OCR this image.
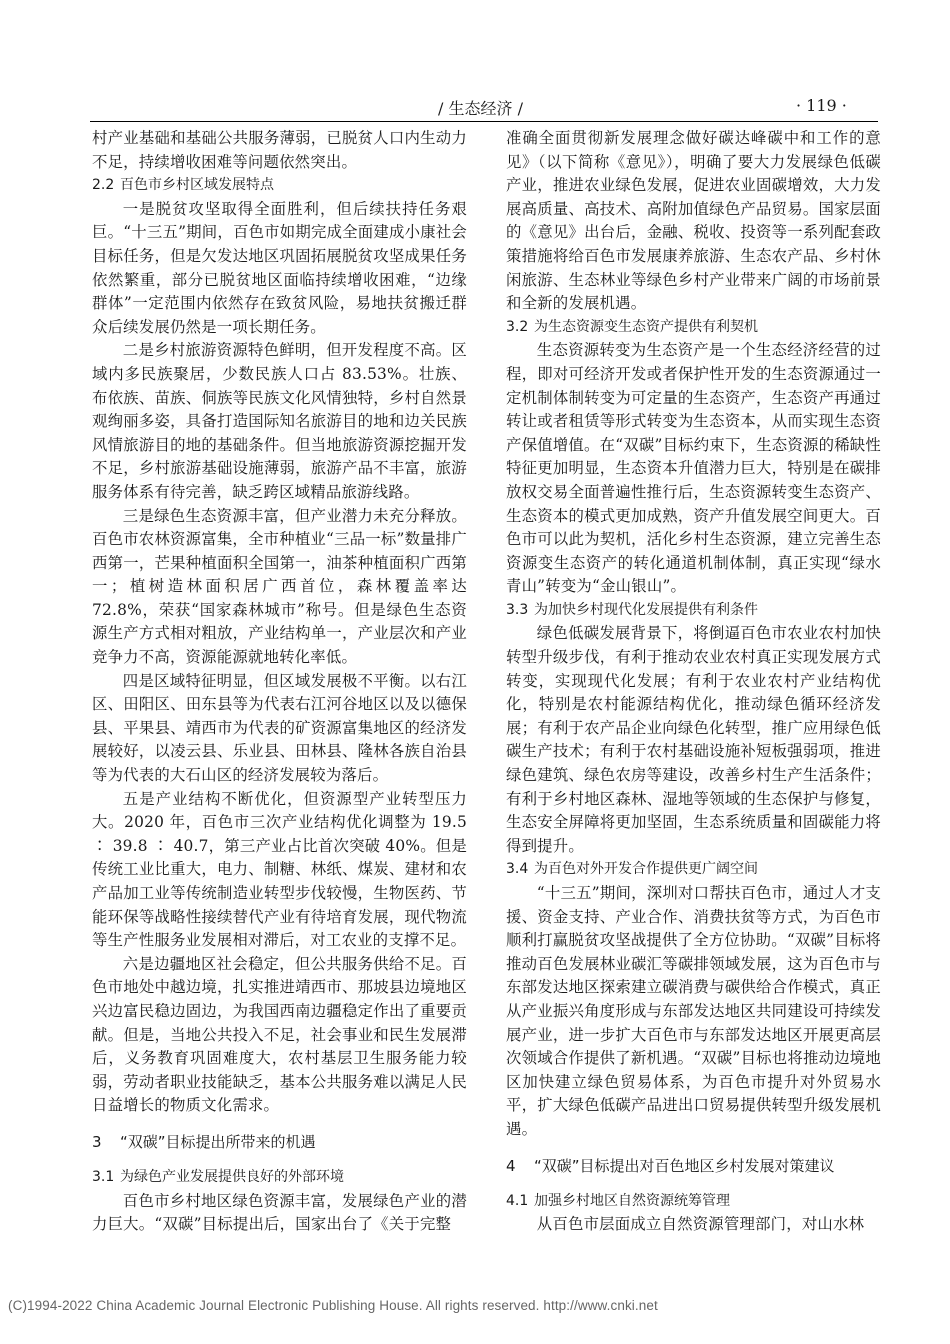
/ 生态经济 /	· 119 ·

村产业基础和基础公共服务薄弱，已脱贫人口内生动力不足，持续增收困难等问题依然突出。

2.2 百色市乡村区域发展特点

一是脱贫攻坚取得全面胜利，但后续扶持任务艰巨。“十三五”期间，百色市如期完成全面建成小康社会目标任务，但是欠发达地区巩固拓展脱贫攻坚成果任务依然繁重，部分已脱贫地区面临持续增收困难，“边缘群体”一定范围内依然存在致贫风险，易地扶贫搬迁群众后续发展仍然是一项长期任务。

二是乡村旅游资源特色鲜明，但开发程度不高。区域内多民族聚居，少数民族人口占 83.53%。壮族、布依族、苗族、侗族等民族文化风情独特，乡村自然景观绚丽多姿，具备打造国际知名旅游目的地和边关民族风情旅游目的地的基础条件。但当地旅游资源挖掘开发不足，乡村旅游基础设施薄弱，旅游产品不丰富，旅游服务体系有待完善，缺乏跨区域精品旅游线路。

三是绿色生态资源丰富，但产业潜力未充分释放。百色市农林资源富集，全市种植业“三品一标”数量排广西第一，芒果种植面积全国第一，油茶种植面积广西第一；植树造林面积居广西首位，森林覆盖率达 72.8%，荣获“国家森林城市”称号。但是绿色生态资源生产方式相对粗放，产业结构单一，产业层次和产业竞争力不高，资源能源就地转化率低。

四是区域特征明显，但区域发展极不平衡。以右江区、田阳区、田东县等为代表右江河谷地区以及以德保县、平果县、靖西市为代表的矿资源富集地区的经济发展较好，以凌云县、乐业县、田林县、隆林各族自治县等为代表的大石山区的经济发展较为落后。

五是产业结构不断优化，但资源型产业转型压力大。2020 年，百色市三次产业结构优化调整为 19.5 ∶ 39.8 ∶ 40.7，第三产业占比首次突破 40%。但是传统工业比重大，电力、制糖、林纸、煤炭、建材和农产品加工业等传统制造业转型步伐较慢，生物医药、节能环保等战略性接续替代产业有待培育发展，现代物流等生产性服务业发展相对滞后，对工农业的支撑不足。

六是边疆地区社会稳定，但公共服务供给不足。百色市地处中越边境，扎实推进靖西市、那坡县边境地区兴边富民稳边固边，为我国西南边疆稳定作出了重要贡献。但是，当地公共投入不足，社会事业和民生发展滞后，义务教育巩固难度大，农村基层卫生服务能力较弱，劳动者职业技能缺乏，基本公共服务难以满足人民日益增长的物质文化需求。

3 “双碳”目标提出所带来的机遇
3.1 为绿色产业发展提供良好的外部环境

百色市乡村地区绿色资源丰富，发展绿色产业的潜力巨大。“双碳”目标提出后，国家出台了《关于完整

准确全面贯彻新发展理念做好碳达峰碳中和工作的意见》（以下简称《意见》），明确了要大力发展绿色低碳产业，推进农业绿色发展，促进农业固碳增效，大力发展高质量、高技术、高附加值绿色产品贸易。国家层面的《意见》出台后，金融、税收、投资等一系列配套政策措施将给百色市发展康养旅游、生态农产品、乡村休闲旅游、生态林业等绿色乡村产业带来广阔的市场前景和全新的发展机遇。

3.2 为生态资源变生态资产提供有利契机

生态资源转变为生态资产是一个生态经济经营的过程，即对可经济开发或者保护性开发的生态资源通过一定机制体制转变为可定量的生态资产，生态资产再通过转让或者租赁等形式转变为生态资本，从而实现生态资产保值增值。在“双碳”目标约束下，生态资源的稀缺性特征更加明显，生态资本升值潜力巨大，特别是在碳排放权交易全面普遍性推行后，生态资源转变生态资产、生态资本的模式更加成熟，资产升值发展空间更大。百色市可以此为契机，活化乡村生态资源，建立完善生态资源变生态资产的转化通道机制体制，真正实现“绿水青山”转变为“金山银山”。

3.3 为加快乡村现代化发展提供有利条件

绿色低碳发展背景下，将倒逼百色市农业农村加快转型升级步伐，有利于推动农业农村真正实现发展方式转变，实现现代化发展；有利于农业农村产业结构优化，特别是农村能源结构优化，推动绿色循环经济发展；有利于农产品企业向绿色化转型，推广应用绿色低碳生产技术；有利于农村基础设施补短板强弱项，推进绿色建筑、绿色农房等建设，改善乡村生产生活条件；有利于乡村地区森林、湿地等领域的生态保护与修复，生态安全屏障将更加坚固，生态系统质量和固碳能力将得到提升。

3.4 为百色对外开发合作提供更广阔空间

“十三五”期间，深圳对口帮扶百色市，通过人才支援、资金支持、产业合作、消费扶贫等方式，为百色市顺利打赢脱贫攻坚战提供了全方位协助。“双碳”目标将推动百色发展林业碳汇等碳排领域发展，这为百色市与东部发达地区探索建立碳消费与碳供给合作模式，真正从产业振兴角度形成与东部发达地区共同建设可持续发展产业，进一步扩大百色市与东部发达地区开展更高层次领域合作提供了新机遇。“双碳”目标也将推动边境地区加快建立绿色贸易体系，为百色市提升对外贸易水平，扩大绿色低碳产品进出口贸易提供转型升级发展机遇。

4 “双碳”目标提出对百色地区乡村发展对策建议
4.1 加强乡村地区自然资源统筹管理

从百色市层面成立自然资源管理部门，对山水林

(C)1994-2022 China Academic Journal Electronic Publishing House. All rights reserved. http://www.cnki.net
